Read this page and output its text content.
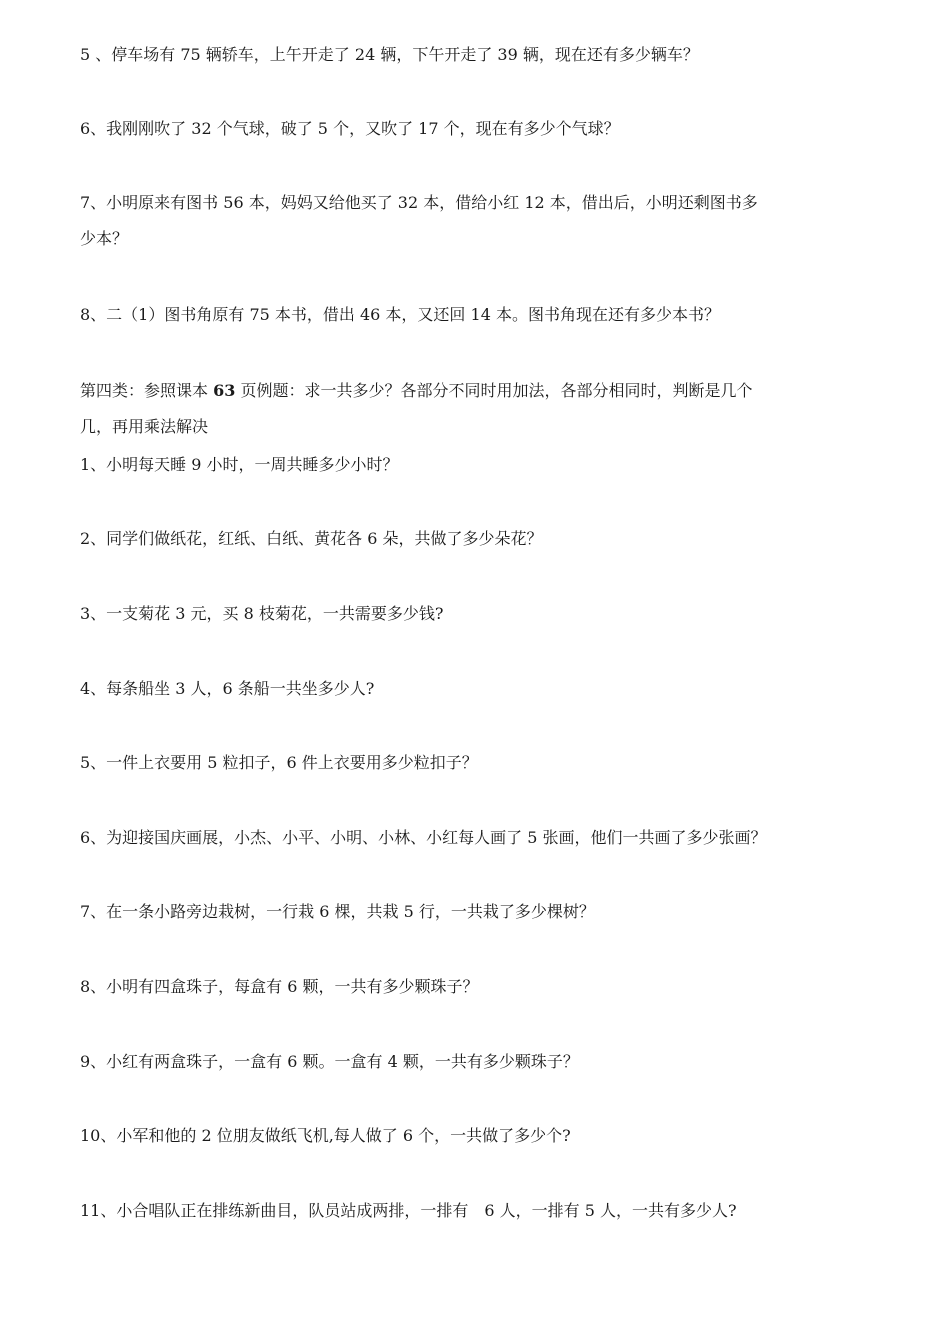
5 、停车场有 75 辆轿车，上午开走了 24 辆，下午开走了 39 辆，现在还有多少辆车？
6、我刚刚吹了 32 个气球，破了 5 个，又吹了 17 个，现在有多少个气球？
7、小明原来有图书 56 本，妈妈又给他买了 32 本，借给小红 12 本，借出后，小明还剩图书多
少本？
8、二（1）图书角原有 75 本书，借出 46 本，又还回 14 本。图书角现在还有多少本书？
第四类：参照课本 63 页例题：求一共多少？各部分不同时用加法，各部分相同时，判断是几个
几，再用乘法解决
1、小明每天睡 9 小时，一周共睡多少小时？
2、同学们做纸花，红纸、白纸、黄花各 6 朵，共做了多少朵花？
3、一支菊花 3 元，买 8 枝菊花，一共需要多少钱?
4、每条船坐 3 人，6 条船一共坐多少人?
5、一件上衣要用 5 粒扣子，6 件上衣要用多少粒扣子？
6、为迎接国庆画展，小杰、小平、小明、小林、小红每人画了 5 张画，他们一共画了多少张画？
7、在一条小路旁边栽树，一行栽 6 棵，共栽 5 行，一共栽了多少棵树？
8、小明有四盒珠子，每盒有 6 颗，一共有多少颗珠子？
9、小红有两盒珠子，一盒有 6 颗。一盒有 4 颗，一共有多少颗珠子？
10、小军和他的 2 位朋友做纸飞机,每人做了 6 个，一共做了多少个?
11、小合唱队正在排练新曲目，队员站成两排，一排有　6 人，一排有 5 人，一共有多少人?
